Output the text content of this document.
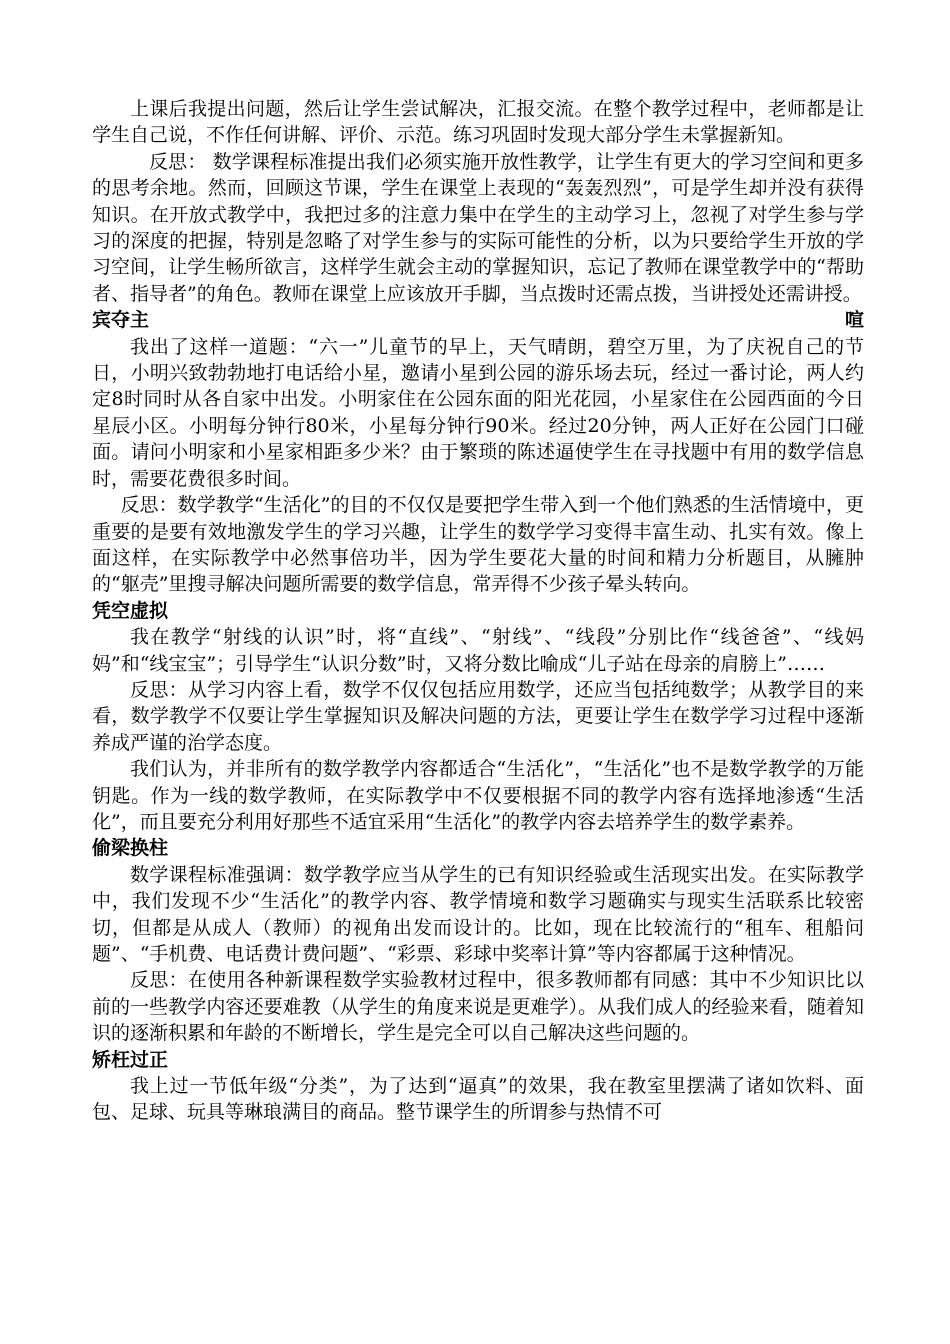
上课后我提出问题，然后让学生尝试解决，汇报交流。在整个教学过程中，老师都是让学生自己说，不作任何讲解、评价、示范。练习巩固时发现大部分学生未掌握新知。

反思： 数学课程标准提出我们必须实施开放性教学，让学生有更大的学习空间和更多的思考余地。然而，回顾这节课，学生在课堂上表现的“轰轰烈烈”，可是学生却并没有获得知识。在开放式教学中，我把过多的注意力集中在学生的主动学习上，忽视了对学生参与学习的深度的把握，特别是忽略了对学生参与的实际可能性的分析，以为只要给学生开放的学习空间，让学生畅所欲言，这样学生就会主动的掌握知识，忘记了教师在课堂教学中的“帮助者、指导者”的角色。教师在课堂上应该放开手脚，当点拨时还需点拨，当讲授处还需讲授。
喧

宾夺主

我出了这样一道题：“六一”儿童节的早上，天气晴朗，碧空万里，为了庆祝自己的节日，小明兴致勃勃地打电话给小星，邀请小星到公园的游乐场去玩，经过一番讨论，两人约定8时同时从各自家中出发。小明家住在公园东面的阳光花园，小星家住在公园西面的今日星辰小区。小明每分钟行80米，小星每分钟行90米。经过20分钟，两人正好在公园门口碰面。请问小明家和小星家相距多少米？由于繁琐的陈述逼使学生在寻找题中有用的数学信息时，需要花费很多时间。

反思：数学教学“生活化”的目的不仅仅是要把学生带入到一个他们熟悉的生活情境中，更重要的是要有效地激发学生的学习兴趣，让学生的数学学习变得丰富生动、扎实有效。像上面这样，在实际教学中必然事倍功半，因为学生要花大量的时间和精力分析题目，从臃肿的“躯壳”里搜寻解决问题所需要的数学信息，常弄得不少孩子晕头转向。

凭空虚拟

我在教学“射线的认识”时，将“直线”、“射线”、“线段”分别比作“线爸爸”、“线妈妈”和“线宝宝”；引导学生“认识分数”时，又将分数比喻成“儿子站在母亲的肩膀上”……

反思：从学习内容上看，数学不仅仅包括应用数学，还应当包括纯数学；从教学目的来看，数学教学不仅要让学生掌握知识及解决问题的方法，更要让学生在数学学习过程中逐渐养成严谨的治学态度。

我们认为，并非所有的数学教学内容都适合“生活化”，“生活化”也不是数学教学的万能钥匙。作为一线的数学教师，在实际教学中不仅要根据不同的教学内容有选择地渗透“生活化”，而且要充分利用好那些不适宜采用“生活化”的教学内容去培养学生的数学素养。

偷梁换柱

数学课程标准强调：数学教学应当从学生的已有知识经验或生活现实出发。在实际教学中，我们发现不少“生活化”的教学内容、教学情境和数学习题确实与现实生活联系比较密切，但都是从成人（教师）的视角出发而设计的。比如，现在比较流行的“租车、租船问题”、“手机费、电话费计费问题”、“彩票、彩球中奖率计算”等内容都属于这种情况。

反思：在使用各种新课程数学实验教材过程中，很多教师都有同感：其中不少知识比以前的一些教学内容还要难教（从学生的角度来说是更难学）。从我们成人的经验来看，随着知识的逐渐积累和年龄的不断增长，学生是完全可以自己解决这些问题的。

矫枉过正

我上过一节低年级“分类”，为了达到“逼真”的效果，我在教室里摆满了诸如饮料、面包、足球、玩具等琳琅满目的商品。整节课学生的所谓参与热情不可
